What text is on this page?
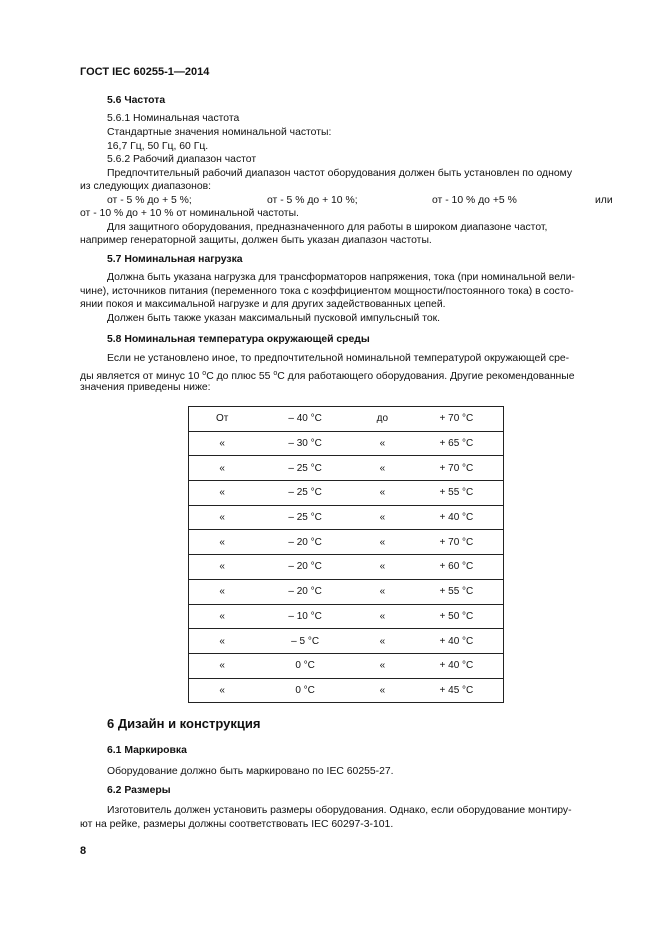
ГОСТ IEC 60255-1—2014
5.6 Частота
5.6.1 Номинальная частота
Стандартные значения номинальной частоты:
16,7 Гц, 50 Гц, 60 Гц.
5.6.2 Рабочий диапазон частот
Предпочтительный рабочий диапазон частот оборудования должен быть установлен по одному
из следующих диапазонов:
от - 5 % до + 5 %;	от - 5 % до + 10 %;	от - 10 % до +5 %	или
от - 10 % до + 10 % от номинальной частоты.
Для защитного оборудования, предназначенного для работы в широком диапазоне частот,
например генераторной защиты, должен быть указан диапазон частоты.
5.7 Номинальная нагрузка
Должна быть указана нагрузка для трансформаторов напряжения, тока (при номинальной вели-
чине), источников питания (переменного тока с коэффициентом мощности/постоянного тока) в состо-
янии покоя и максимальной нагрузке и для других задействованных цепей.
Должен быть также указан максимальный пусковой импульсный ток.
5.8 Номинальная температура окружающей среды
Если не установлено иное, то предпочтительной номинальной температурой окружающей сре-
ды является от минус 10 $^о$С до плюс 55 $^о$С для работающего оборудования. Другие рекомендованные
значения приведены ниже:
От	– 40 °C	до	+ 70 °C
«	– 30 °C	«	+ 65 °C
«	– 25 °C	«	+ 70 °C
«	– 25 °C	«	+ 55 °C
«	– 25 °C	«	+ 40 °C
«	– 20 °C	«	+ 70 °C
«	– 20 °C	«	+ 60 °C
«	– 20 °C	«	+ 55 °C
«	– 10 °C	«	+ 50 °C
«	– 5 °C	«	+ 40 °C
«	0 °C	«	+ 40 °C
«	0 °C	«	+ 45 °C
6 Дизайн и конструкция
6.1 Маркировка
Оборудование должно быть маркировано по IEC 60255-27.
6.2 Размеры
Изготовитель должен установить размеры оборудования. Однако, если оборудование монтиру-
ют на рейке, размеры должны соответствовать IEC 60297-3-101.
8
